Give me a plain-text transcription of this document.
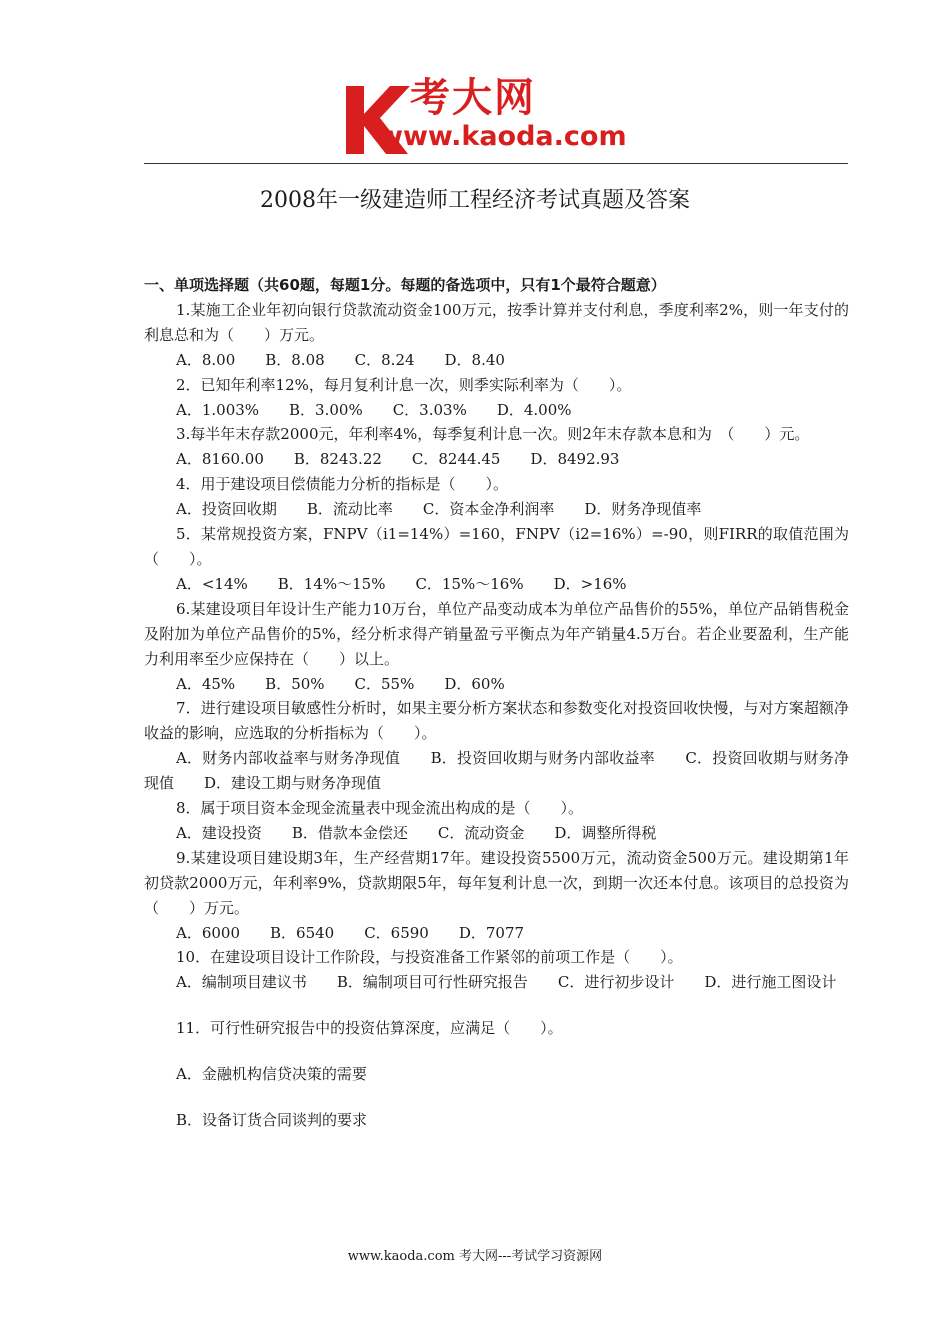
考大网
www.kaoda.com
2008年一级建造师工程经济考试真题及答案

一、单项选择题（共60题，每题1分。每题的备选项中，只有1个最符合题意）

1.某施工企业年初向银行贷款流动资金100万元，按季计算并支付利息，季度利率2%，则一年支付的利息总和为（　　）万元。

A．8.00　　B．8.08　　C．8.24　　D．8.40

2．已知年利率12%，每月复利计息一次，则季实际利率为（　　）。

A．1.003%　　B．3.00%　　C．3.03%　　D．4.00%

3.每半年末存款2000元，年利率4%，每季复利计息一次。则2年末存款本息和为　（　　）元。

A．8160.00　　B．8243.22　　C．8244.45　　D．8492.93

4．用于建设项目偿债能力分析的指标是（　　）。

A．投资回收期　　B．流动比率　　C．资本金净利润率　　D．财务净现值率

5．某常规投资方案，FNPV（i1=14%）=160，FNPV（i2=16%）=-90，则FIRR的取值范围为（　　）。

A．<14%　　B．14%～15%　　C．15%～16%　　D．>16%

6.某建设项目年设计生产能力10万台，单位产品变动成本为单位产品售价的55%，单位产品销售税金及附加为单位产品售价的5%，经分析求得产销量盈亏平衡点为年产销量4.5万台。若企业要盈利，生产能力利用率至少应保持在（　　）以上。

A．45%　　B．50%　　C．55%　　D．60%

7．进行建设项目敏感性分析时，如果主要分析方案状态和参数变化对投资回收快慢，与对方案超额净收益的影响，应选取的分析指标为（　　）。

A．财务内部收益率与财务净现值　　B．投资回收期与财务内部收益率　　C．投资回收期与财务净现值　　D．建设工期与财务净现值

8．属于项目资本金现金流量表中现金流出构成的是（　　）。

A．建设投资　　B．借款本金偿还　　C．流动资金　　D．调整所得税

9.某建设项目建设期3年，生产经营期17年。建设投资5500万元，流动资金500万元。建设期第1年初贷款2000万元，年利率9%，贷款期限5年，每年复利计息一次，到期一次还本付息。该项目的总投资为（　　）万元。

A．6000　　B．6540　　C．6590　　D．7077

10．在建设项目设计工作阶段，与投资准备工作紧邻的前项工作是（　　）。

A．编制项目建议书　　B．编制项目可行性研究报告　　C．进行初步设计　　D．进行施工图设计

11．可行性研究报告中的投资估算深度，应满足（　　）。

A．金融机构信贷决策的需要

B．设备订货合同谈判的要求

www.kaoda.com 考大网---考试学习资源网
